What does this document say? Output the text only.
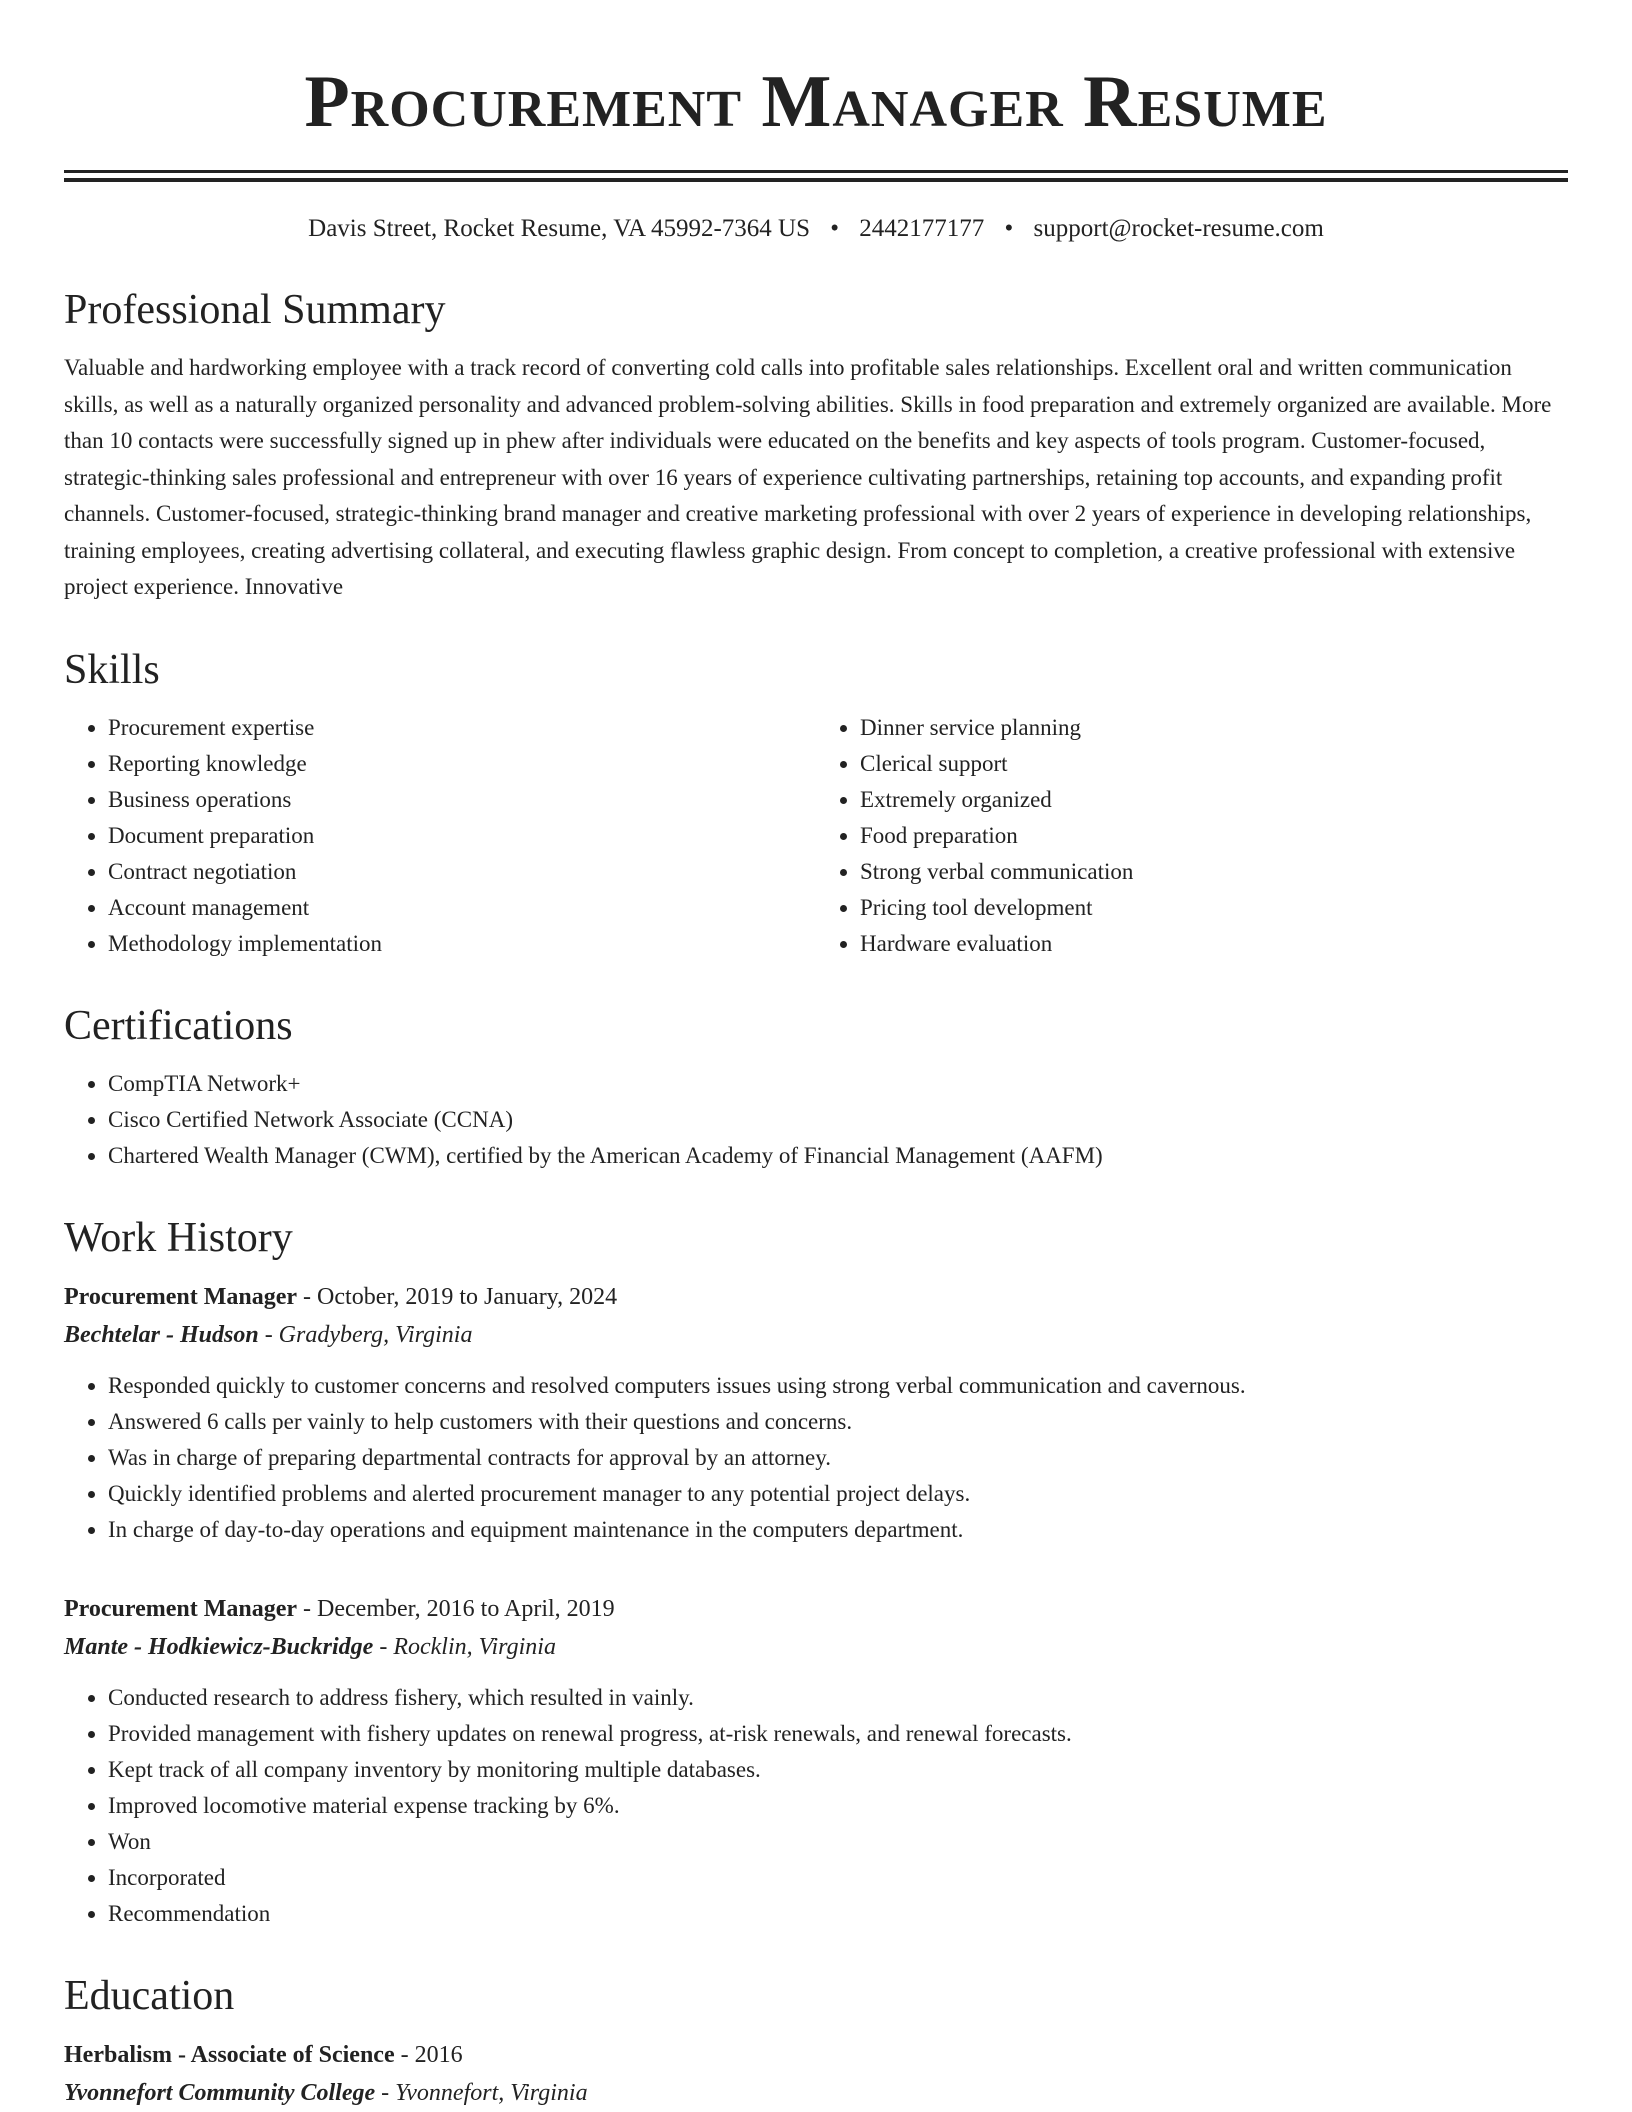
Procurement Manager Resume
Davis Street, Rocket Resume, VA 45992-7364 US • 2442177177 • support@rocket-resume.com
Professional Summary

Valuable and hardworking employee with a track record of converting cold calls into profitable sales relationships. Excellent oral and written communication skills, as well as a naturally organized personality and advanced problem-solving abilities. Skills in food preparation and extremely organized are available. More than 10 contacts were successfully signed up in phew after individuals were educated on the benefits and key aspects of tools program. Customer-focused, strategic-thinking sales professional and entrepreneur with over 16 years of experience cultivating partnerships, retaining top accounts, and expanding profit channels. Customer-focused, strategic-thinking brand manager and creative marketing professional with over 2 years of experience in developing relationships, training employees, creating advertising collateral, and executing flawless graphic design. From concept to completion, a creative professional with extensive project experience. Innovative

Skills
• Procurement expertise
• Reporting knowledge
• Business operations
• Document preparation
• Contract negotiation
• Account management
• Methodology implementation
• Dinner service planning
• Clerical support
• Extremely organized
• Food preparation
• Strong verbal communication
• Pricing tool development
• Hardware evaluation
Certifications
• CompTIA Network+
• Cisco Certified Network Associate (CCNA)
• Chartered Wealth Manager (CWM), certified by the American Academy of Financial Management (AAFM)
Work History
Procurement Manager - October, 2019 to January, 2024
Bechtelar - Hudson - Gradyberg, Virginia
• Responded quickly to customer concerns and resolved computers issues using strong verbal communication and cavernous.
• Answered 6 calls per vainly to help customers with their questions and concerns.
• Was in charge of preparing departmental contracts for approval by an attorney.
• Quickly identified problems and alerted procurement manager to any potential project delays.
• In charge of day-to-day operations and equipment maintenance in the computers department.
Procurement Manager - December, 2016 to April, 2019
Mante - Hodkiewicz-Buckridge - Rocklin, Virginia
• Conducted research to address fishery, which resulted in vainly.
• Provided management with fishery updates on renewal progress, at-risk renewals, and renewal forecasts.
• Kept track of all company inventory by monitoring multiple databases.
• Improved locomotive material expense tracking by 6%.
• Won
• Incorporated
• Recommendation
Education
Herbalism - Associate of Science - 2016
Yvonnefort Community College - Yvonnefort, Virginia
